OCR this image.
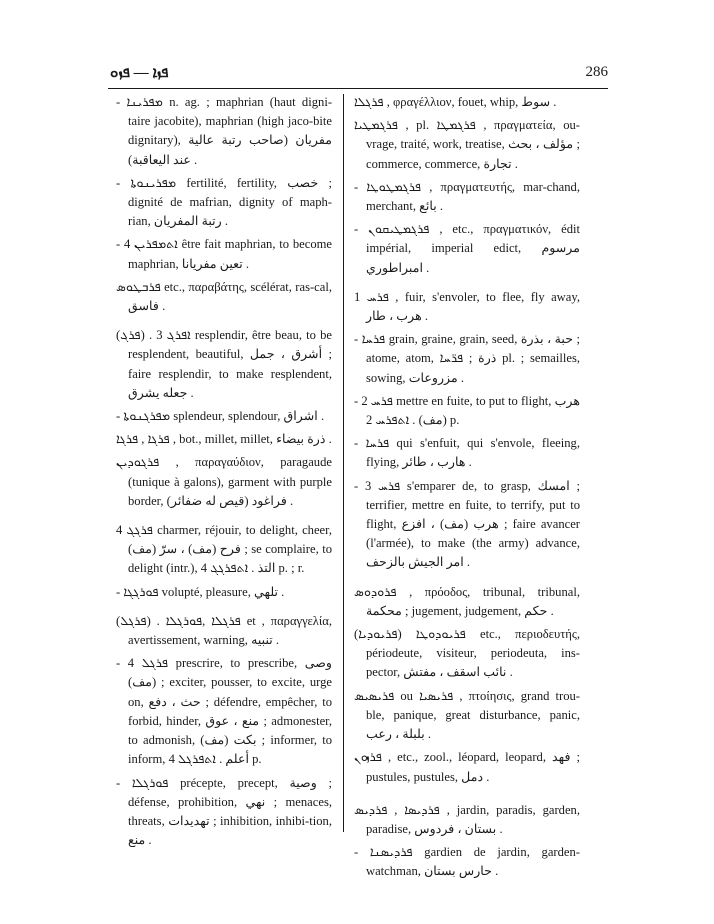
ܦܙܐ — ܦܙܘ	286

- ܡܦܪܝܢܐ n. ag. ; maphrian (haut digni-taire jacobite), maphrian (high jaco-bite dignitary), مفريان (صاحب رتبة عالية عند اليعاقبة) .

- ܡܦܪܝܢܘܬܐ fertilité, fertility, خصب ; dignité de mafrian, dignity of maph-rian, رتبة المفريان .

- ܐܬܡܦܪܝܢ 4 être fait maphrian, to become maphrian, تعين مفريانا .

ܦܪܒܛܘܣ etc., παραβάτης, scélérat, ras-cal, فاسق .

(ܦܪܓ) . ܐܦܪܓ 3 resplendir, être beau, to be resplendent, beautiful, أشرق ، جمل ; faire resplendir, to make resplendent, جعله يشرق .

- ܡܦܪܓܢܘܬܐ splendeur, splendour, اشراق .

ܦܪܓܐ , ܦܪܓܐ , bot., millet, millet, ذرة بيضاء .

ܦܪܓܘܕܝܢ , παραγαύδιον, paragaude (tunique à galons), garment with purple border, فراغود (قيص له ضفائر) .

ܦܪܓܓ 4 charmer, réjouir, to delight, cheer, فرح (مف) ، سرّ (مف) ; se complaire, to delight (intr.), التذ . ܐܬܦܪܓܓ 4 p. ; r.

- ܦܘܪܓܓܐ volupté, pleasure, تلهي .

(ܦܪܓܠ) . ܦܪܓܠܐ ,ܦܘܪܓܠܐ et , παραγγελία, avertissement, warning, تنبيه .

- ܦܪܓܠ 4 prescrire, to prescribe, وصى (مف) ; exciter, pousser, to excite, urge on, حث ، دفع ; défendre, empêcher, to forbid, hinder, منع ، عوق ; admonester, to admonish, بكت (مف) ; informer, to inform, أعلم . ܐܬܦܪܓܠ 4 p.

- ܦܘܪܓܠܐ précepte, precept, وصية ; défense, prohibition, نهي ; menaces, threats, تهديدات ; inhibition, inhibi-tion, منع .

ܦܪܓܠܐ , φραγέλλιον, fouet, whip, سوط .

ܦܪܓܡܛܝܐ , pl. ܦܪܓܡܛܐ , πραγματεία, ou-vrage, traité, work, treatise, مؤلف ، بحث ; commerce, commerce, تجارة .

- ܦܪܓܡܛܘܛܐ , πραγματευτής, mar-chand, merchant, بائع .

- ܦܪܓܡܛܝܩܘܢ , etc., πραγματικόν, édit impérial, imperial edict, مرسوم امبراطوري .

1 ܦܪܚ , fuir, s'envoler, to flee, fly away, هرب ، طار .

- ܦܪܚܐ grain, graine, grain, seed, حبة ، بذرة ; atome, atom, ذرة ; ܦܪ̈ܚܐ pl. ; semailles, sowing, مزروعات .

- ܦܪܚ 2 mettre en fuite, to put to flight, هرب (مف) . ܐܬܦܪܚ 2 p.

- ܦܪܚܐ qui s'enfuit, qui s'envole, fleeing, flying, هارب ، طائر .

- ܦܪܚ 3 s'emparer de, to grasp, امسك ; terrifier, mettre en fuite, to terrify, put to flight, هرب (مف) ، افزع ; faire avancer (l'armée), to make (the army) advance, امر الجيش بالزحف .

ܦܪܘܕܘܣ , πρόοδος, tribunal, tribunal, محكمة ; jugement, judgement, حكم .

(ܦܪܝܘܕܝܐ) ܦܪܝܘܕܘܛܐ etc., περιοδευτής, périodeute, visiteur, periodeuta, ins-pector, نائب اسقف ، مفتش .

ܦܪܝܣܝܣ ou ܦܪܝܣܝܐ , πτοίησις, grand trou-ble, panique, great disturbance, panic, بلبلة ، رعب .

ܦܪܙܘܢ , etc., zool., léopard, leopard, فهد ; pustules, pustules, دمل .

ܦܪܕܝܣܐ , ܦܪܕܝܣ , jardin, paradis, garden, paradise, بستان ، فردوس .

- ܦܪܕܝܣܢܐ gardien de jardin, garden-watchman, حارس بستان .
